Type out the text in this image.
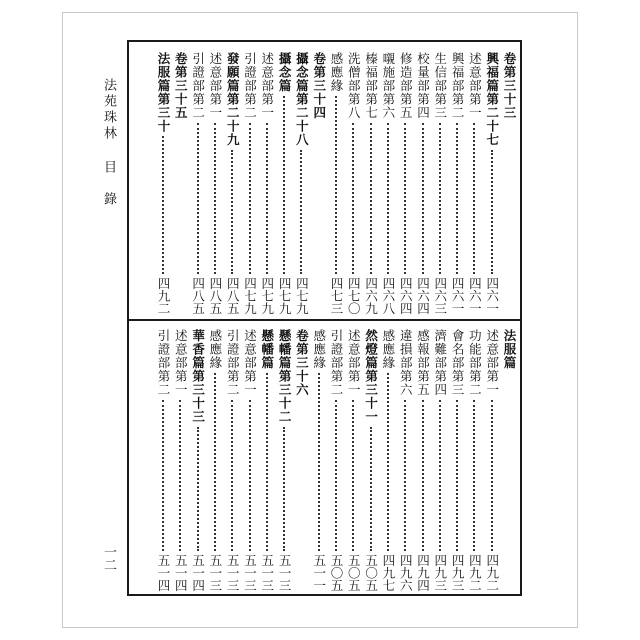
法苑珠林目　錄
一二
卷第三十三
興福篇第二十七
四六一
述意部第一
四六一
興福部第二
四六一
生信部第三
四六三
校量部第四
四六四
修造部第五
四六四
嚫施部第六
四六八
榛福部第七
四六九
洗僧部第八
四七〇
感應緣
四七三
卷第三十四
攝念篇第二十八
四七九
攝念篇
四七九
述意部第一
四七九
引證部第二
四七九
發願篇第二十九
四八五
述意部第一
四八五
引證部第二
四八五
卷第三十五
法服篇第三十
四九二
法服篇
述意部第一
四九二
功能部第二
四九二
會名部第三
四九三
濟難部第四
四九三
感報部第五
四九四
違損部第六
四九六
感應緣
四九七
然燈篇第三十一
五〇五
述意部第一
五〇五
引證部第二
五〇五
感應緣
五一一
卷第三十六
懸幡篇第三十二
五一三
懸幡篇
五一三
述意部第一
五一三
引證部第二
五一三
感應緣
五一三
華香篇第三十三
五一四
述意部第一
五一四
引證部第二
五一四
